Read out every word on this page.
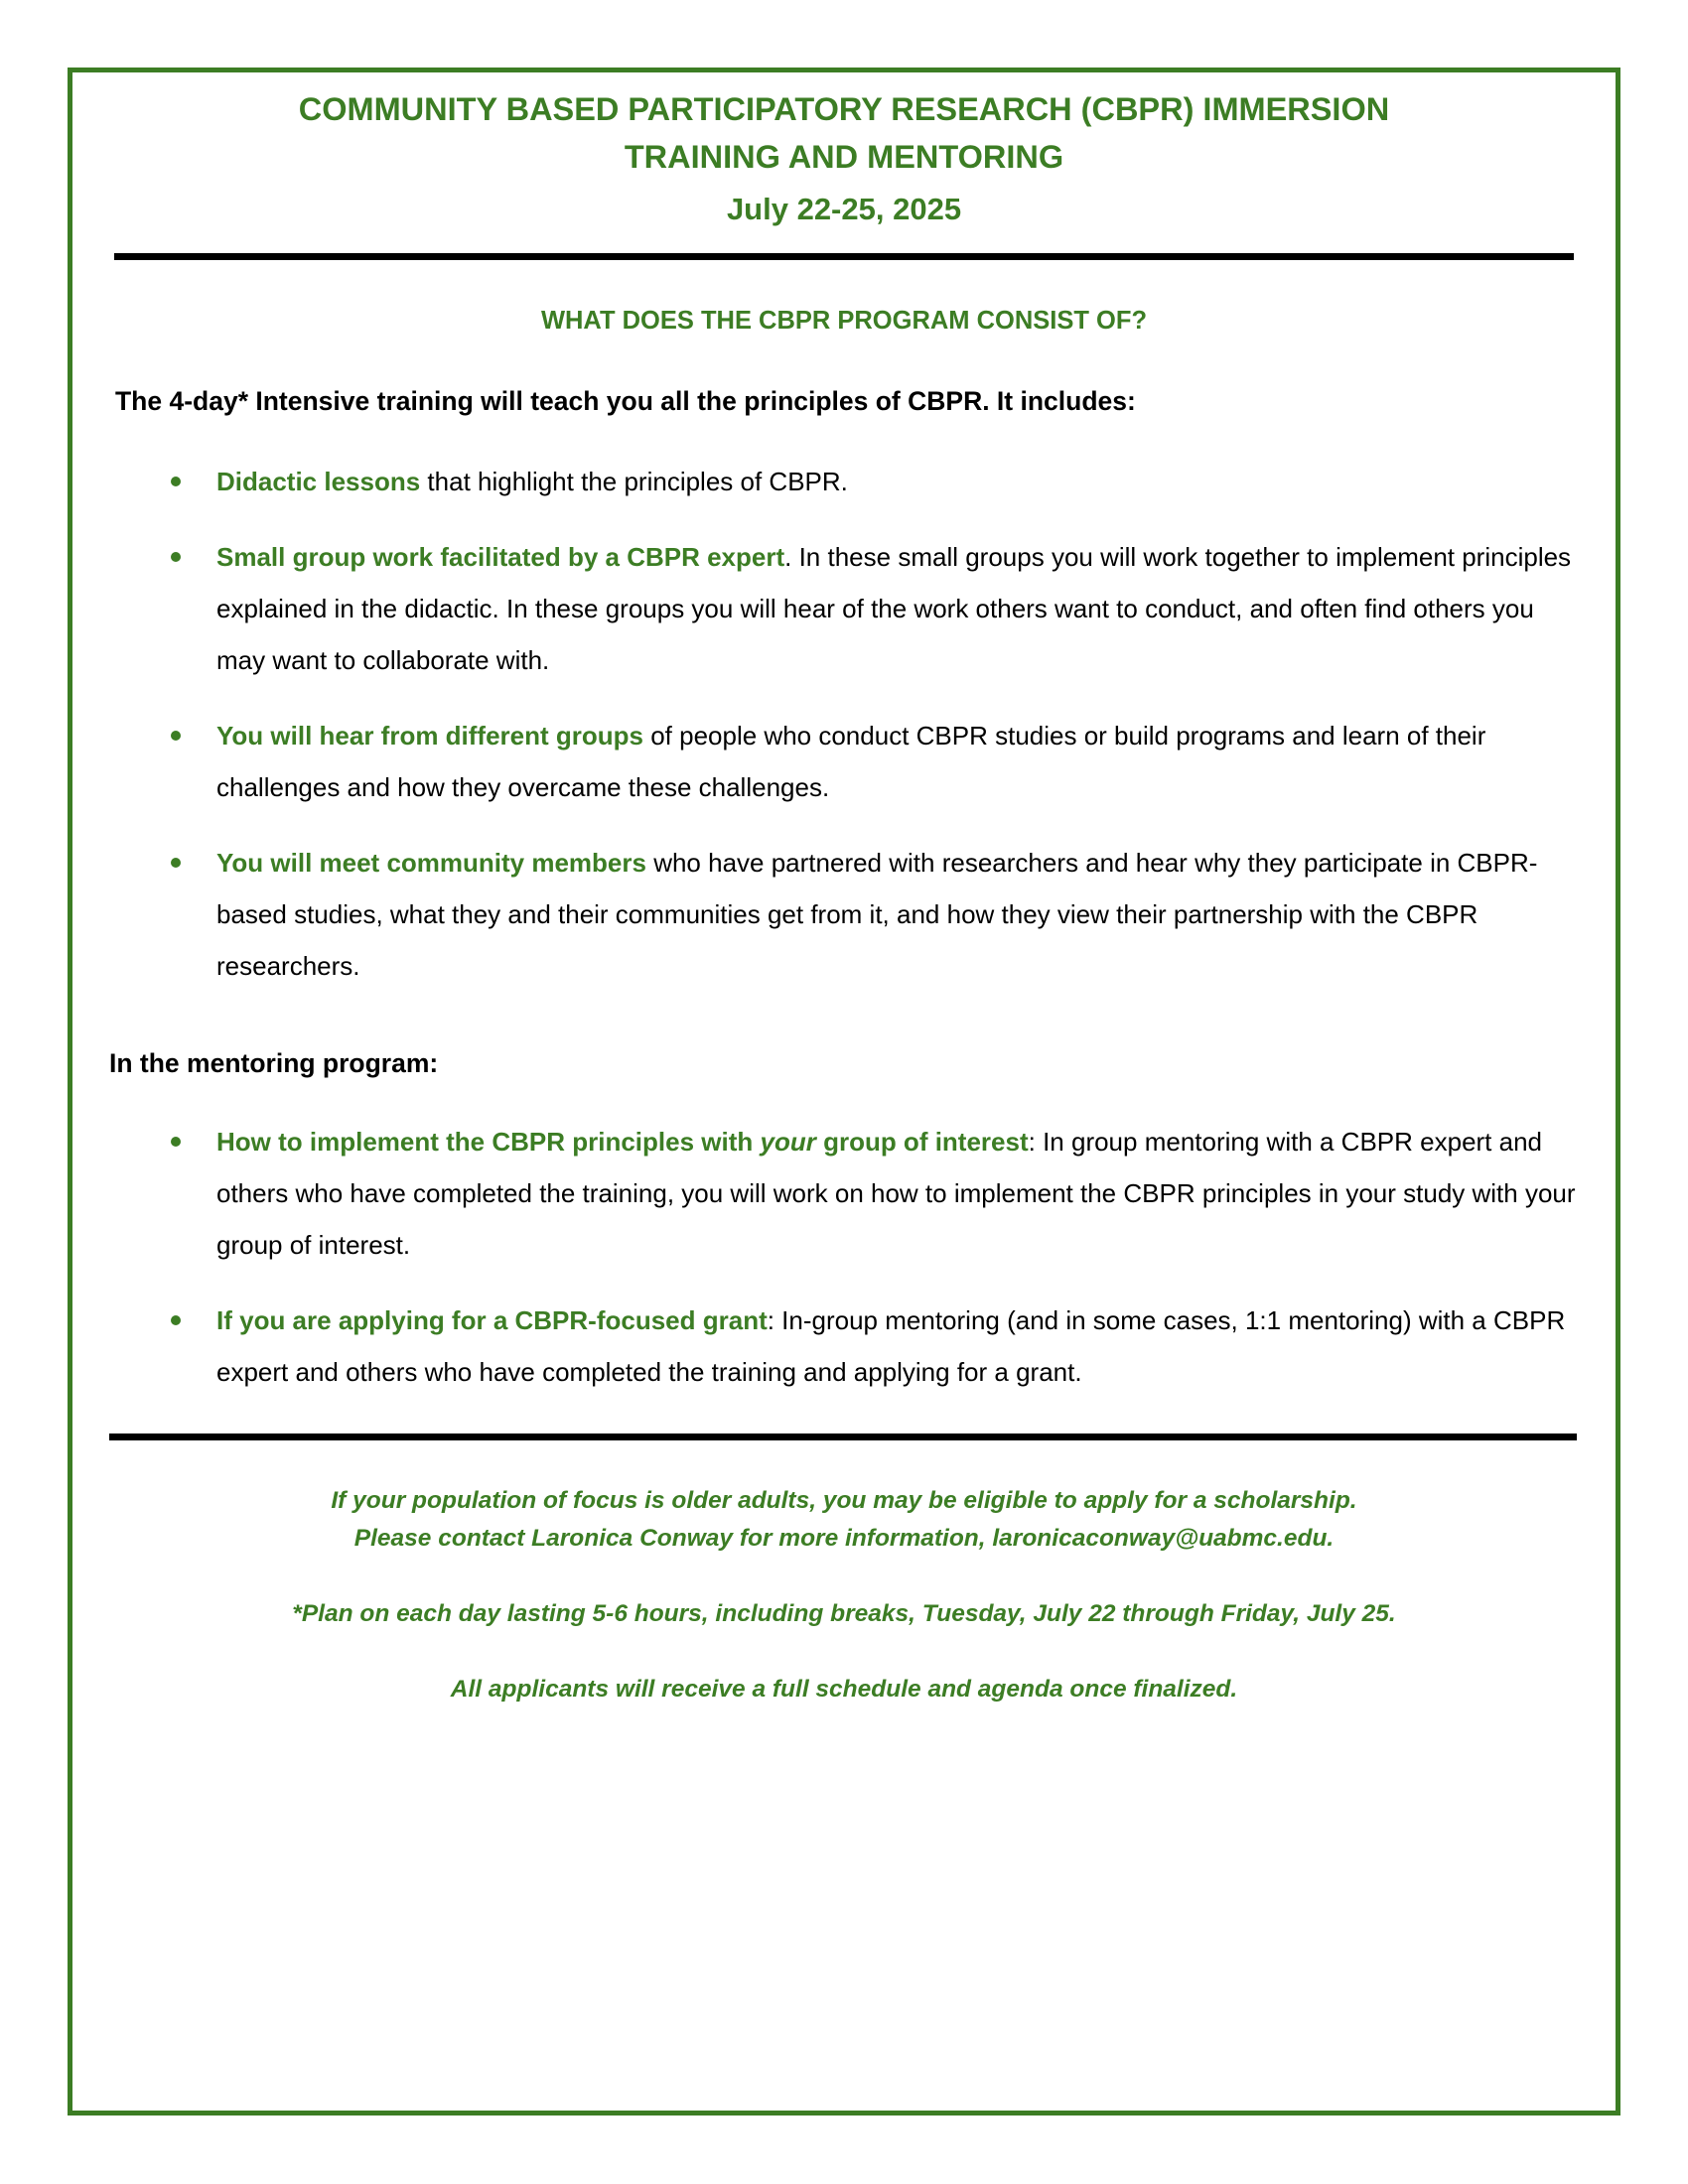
COMMUNITY BASED PARTICIPATORY RESEARCH (CBPR) IMMERSION
TRAINING AND MENTORING
July 22-25, 2025
WHAT DOES THE CBPR PROGRAM CONSIST OF?
The 4-day* Intensive training will teach you all the principles of CBPR. It includes:
Didactic lessons that highlight the principles of CBPR.
Small group work facilitated by a CBPR expert. In these small groups you will work together to implement principles explained in the didactic. In these groups you will hear of the work others want to conduct, and often find others you may want to collaborate with.
You will hear from different groups of people who conduct CBPR studies or build programs and learn of their challenges and how they overcame these challenges.
You will meet community members who have partnered with researchers and hear why they participate in CBPR-based studies, what they and their communities get from it, and how they view their partnership with the CBPR researchers.
In the mentoring program:
How to implement the CBPR principles with your group of interest: In group mentoring with a CBPR expert and others who have completed the training, you will work on how to implement the CBPR principles in your study with your group of interest.
If you are applying for a CBPR-focused grant: In-group mentoring (and in some cases, 1:1 mentoring) with a CBPR expert and others who have completed the training and applying for a grant.
If your population of focus is older adults, you may be eligible to apply for a scholarship.
Please contact Laronica Conway for more information, laronicaconway@uabmc.edu.
*Plan on each day lasting 5-6 hours, including breaks, Tuesday, July 22 through Friday, July 25.
All applicants will receive a full schedule and agenda once finalized.
